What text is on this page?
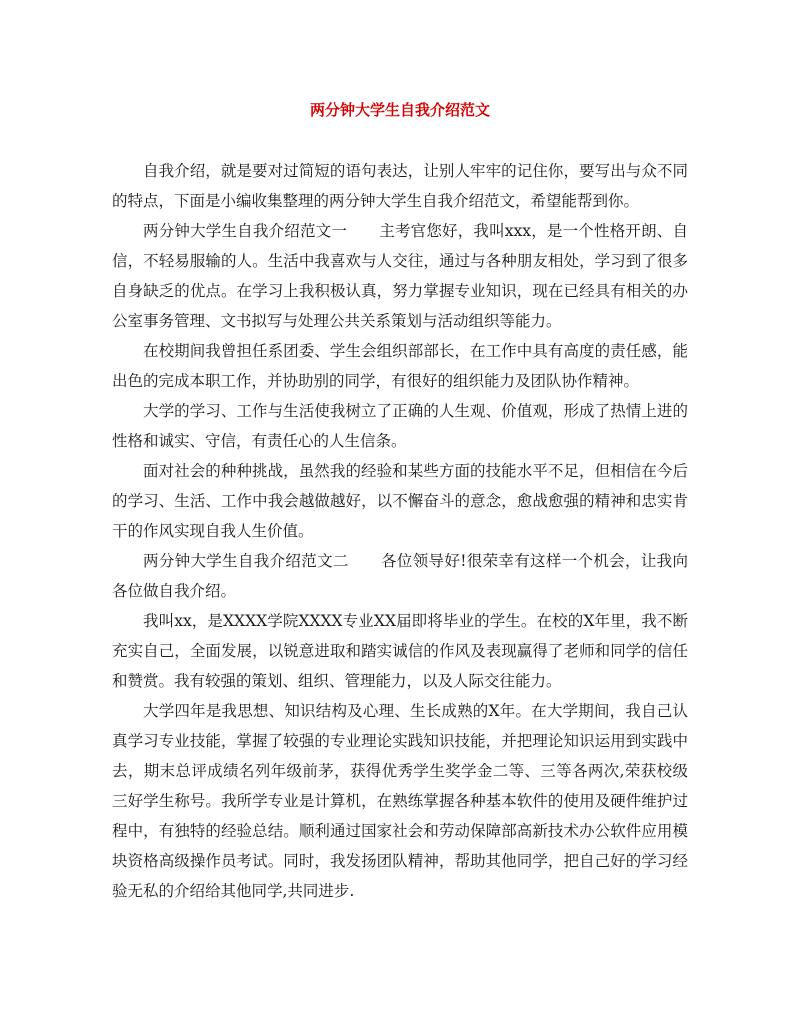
两分钟大学生自我介绍范文

自我介绍，就是要对过简短的语句表达，让别人牢牢的记住你，要写出与众不同的特点，下面是小编收集整理的两分钟大学生自我介绍范文，希望能帮到你。

两分钟大学生自我介绍范文一 主考官您好，我叫xxx，是一个性格开朗、自信，不轻易服输的人。生活中我喜欢与人交往，通过与各种朋友相处，学习到了很多自身缺乏的优点。在学习上我积极认真，努力掌握专业知识，现在已经具有相关的办公室事务管理、文书拟写与处理公共关系策划与活动组织等能力。

在校期间我曾担任系团委、学生会组织部部长，在工作中具有高度的责任感，能出色的完成本职工作，并协助别的同学，有很好的组织能力及团队协作精神。

大学的学习、工作与生活使我树立了正确的人生观、价值观，形成了热情上进的性格和诚实、守信，有责任心的人生信条。

面对社会的种种挑战，虽然我的经验和某些方面的技能水平不足，但相信在今后的学习、生活、工作中我会越做越好，以不懈奋斗的意念，愈战愈强的精神和忠实肯干的作风实现自我人生价值。

两分钟大学生自我介绍范文二 各位领导好!很荣幸有这样一个机会，让我向各位做自我介绍。

我叫xx，是XXXX学院XXXX专业XX届即将毕业的学生。在校的X年里，我不断充实自己，全面发展，以锐意进取和踏实诚信的作风及表现赢得了老师和同学的信任和赞赏。我有较强的策划、组织、管理能力，以及人际交往能力。

大学四年是我思想、知识结构及心理、生长成熟的X年。在大学期间，我自己认真学习专业技能，掌握了较强的专业理论实践知识技能，并把理论知识运用到实践中去，期末总评成绩名列年级前茅，获得优秀学生奖学金二等、三等各两次,荣获校级三好学生称号。我所学专业是计算机，在熟练掌握各种基本软件的使用及硬件维护过程中，有独特的经验总结。顺利通过国家社会和劳动保障部高新技术办公软件应用模块资格高级操作员考试。同时，我发扬团队精神，帮助其他同学，把自己好的学习经验无私的介绍给其他同学,共同进步.
